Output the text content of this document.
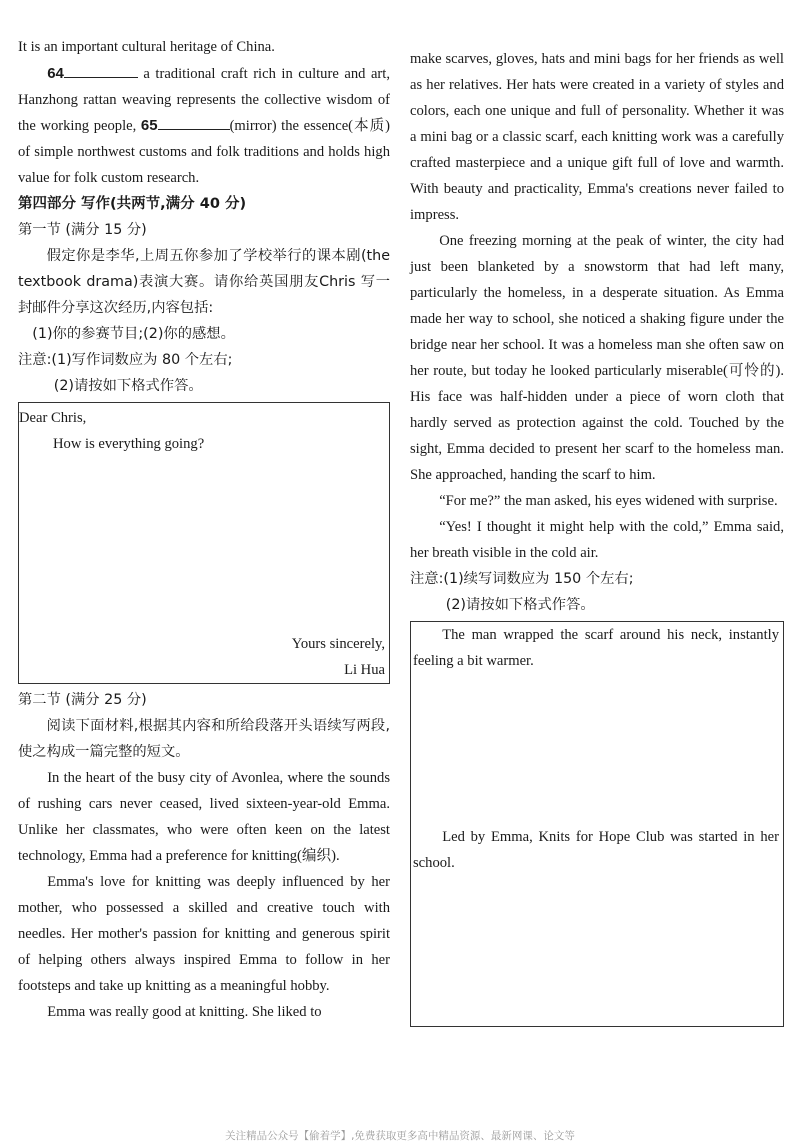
It is an important cultural heritage of China.

64	a traditional craft rich in culture and art, Hanzhong rattan weaving represents the collective wisdom of the working people, 65	(mirror) the essence(本质) of simple northwest customs and folk traditions and holds high value for folk custom research.

第四部分 写作(共两节,满分 40 分)

第一节 (满分 15 分)

假定你是李华,上周五你参加了学校举行的课本剧(the textbook drama)表演大赛。请你给英国朋友Chris 写一封邮件分享这次经历,内容包括:

(1)你的参赛节目;(2)你的感想。

注意:(1)写作词数应为 80 个左右;

(2)请按如下格式作答。

Dear Chris,

How is everything going?

Yours sincerely,

Li Hua

第二节 (满分 25 分)

阅读下面材料,根据其内容和所给段落开头语续写两段,使之构成一篇完整的短文。

In the heart of the busy city of Avonlea, where the sounds of rushing cars never ceased, lived sixteen-year-old Emma. Unlike her classmates, who were often keen on the latest technology, Emma had a preference for knitting(编织).

Emma's love for knitting was deeply influenced by her mother, who possessed a skilled and creative touch with needles. Her mother's passion for knitting and generous spirit of helping others always inspired Emma to follow in her footsteps and take up knitting as a meaningful hobby.

Emma was really good at knitting. She liked to

make scarves, gloves, hats and mini bags for her friends as well as her relatives. Her hats were created in a variety of styles and colors, each one unique and full of personality. Whether it was a mini bag or a classic scarf, each knitting work was a carefully crafted masterpiece and a unique gift full of love and warmth. With beauty and practicality, Emma's creations never failed to impress.

One freezing morning at the peak of winter, the city had just been blanketed by a snowstorm that had left many, particularly the homeless, in a desperate situation. As Emma made her way to school, she noticed a shaking figure under the bridge near her school. It was a homeless man she often saw on her route, but today he looked particularly miserable(可怜的). His face was half-hidden under a piece of worn cloth that hardly served as protection against the cold. Touched by the sight, Emma decided to present her scarf to the homeless man. She approached, handing the scarf to him.

“For me?” the man asked, his eyes widened with surprise.

“Yes! I thought it might help with the cold,” Emma said, her breath visible in the cold air.

注意:(1)续写词数应为 150 个左右;

(2)请按如下格式作答。

The man wrapped the scarf around his neck, instantly feeling a bit warmer.

Led by Emma, Knits for Hope Club was started in her school.

关注精品公众号【偷着学】,免费获取更多高中精品资源、最新网课、论文等
